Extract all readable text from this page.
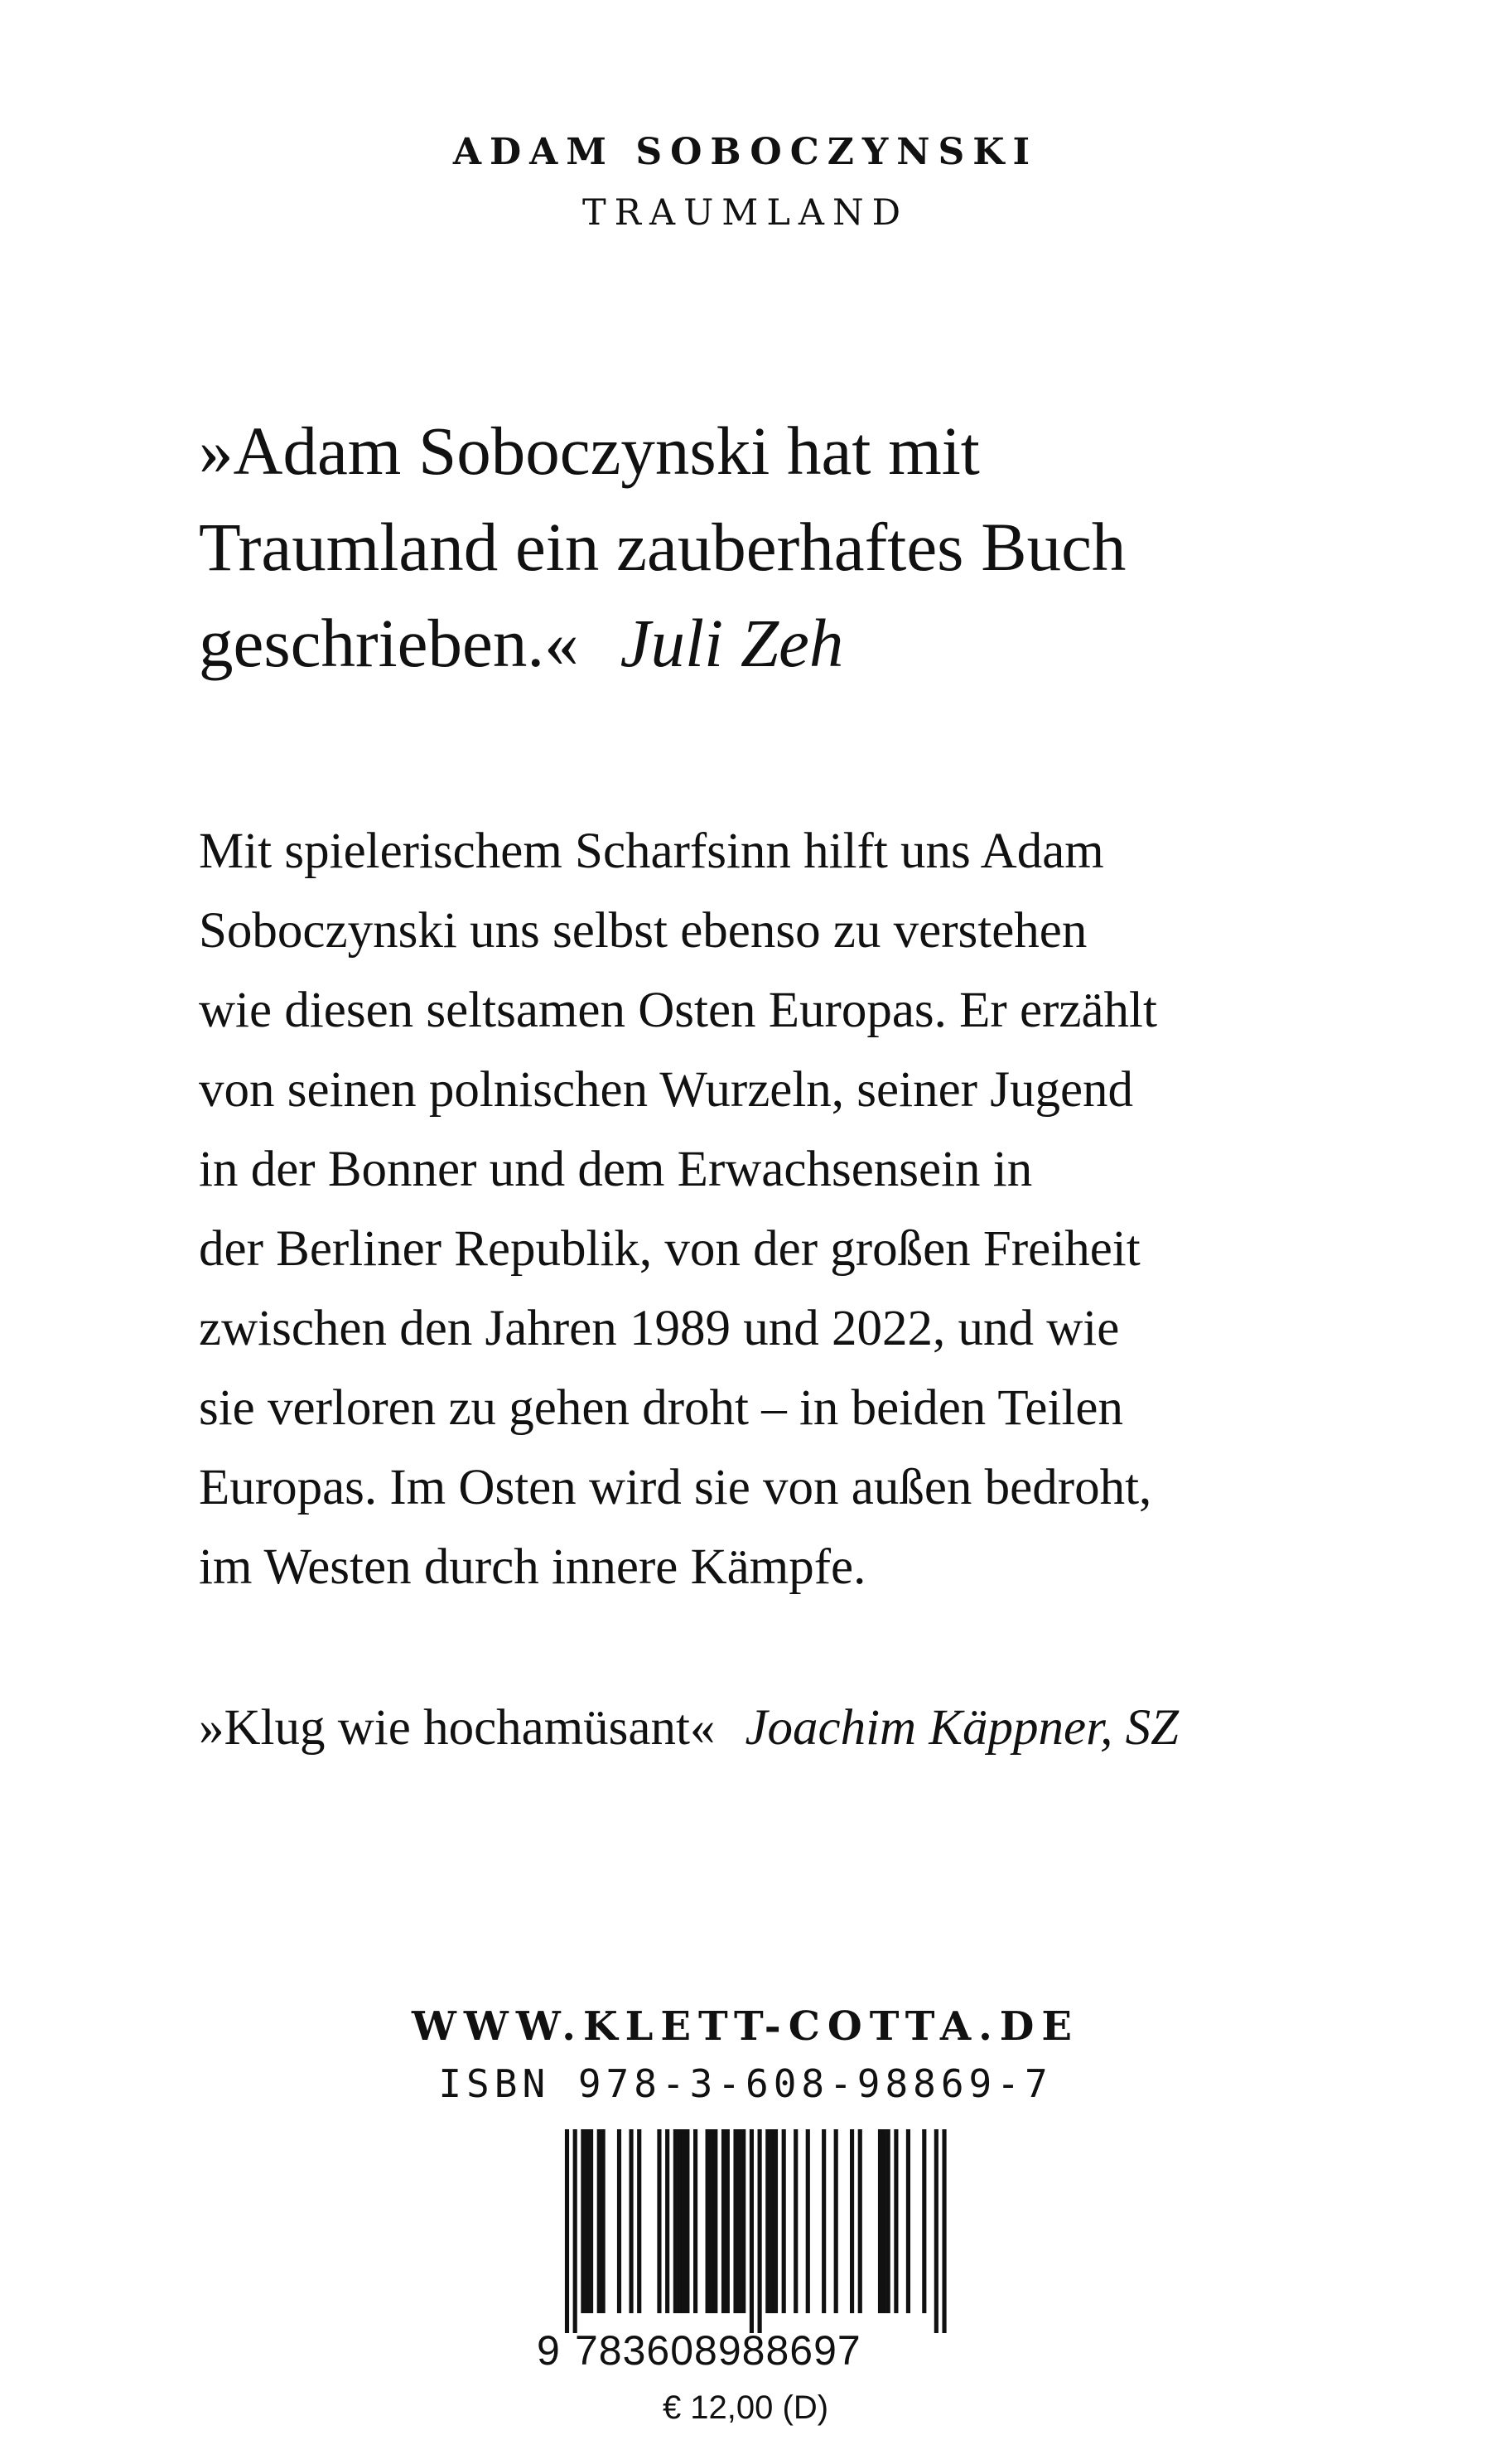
ADAM SOBOCZYNSKI
TRAUMLAND
»Adam Soboczynski hat mit
Traumland ein zauberhaftes Buch
geschrieben.« Juli Zeh
Mit spielerischem Scharfsinn hilft uns Adam
Soboczynski uns selbst ebenso zu verstehen
wie diesen seltsamen Osten Europas. Er erzählt
von seinen polnischen Wurzeln, seiner Jugend
in der Bonner und dem Erwachsensein in
der Berliner Republik, von der großen Freiheit
zwischen den Jahren 1989 und 2022, und wie
sie verloren zu gehen droht – in beiden Teilen
Europas. Im Osten wird sie von außen bedroht,
im Westen durch innere Kämpfe.
»Klug wie hochamüsant« Joachim Käppner, SZ
WWW.KLETT-COTTA.DE
ISBN 978-3-608-98869-7
9 783608988697
€ 12,00 (D)
